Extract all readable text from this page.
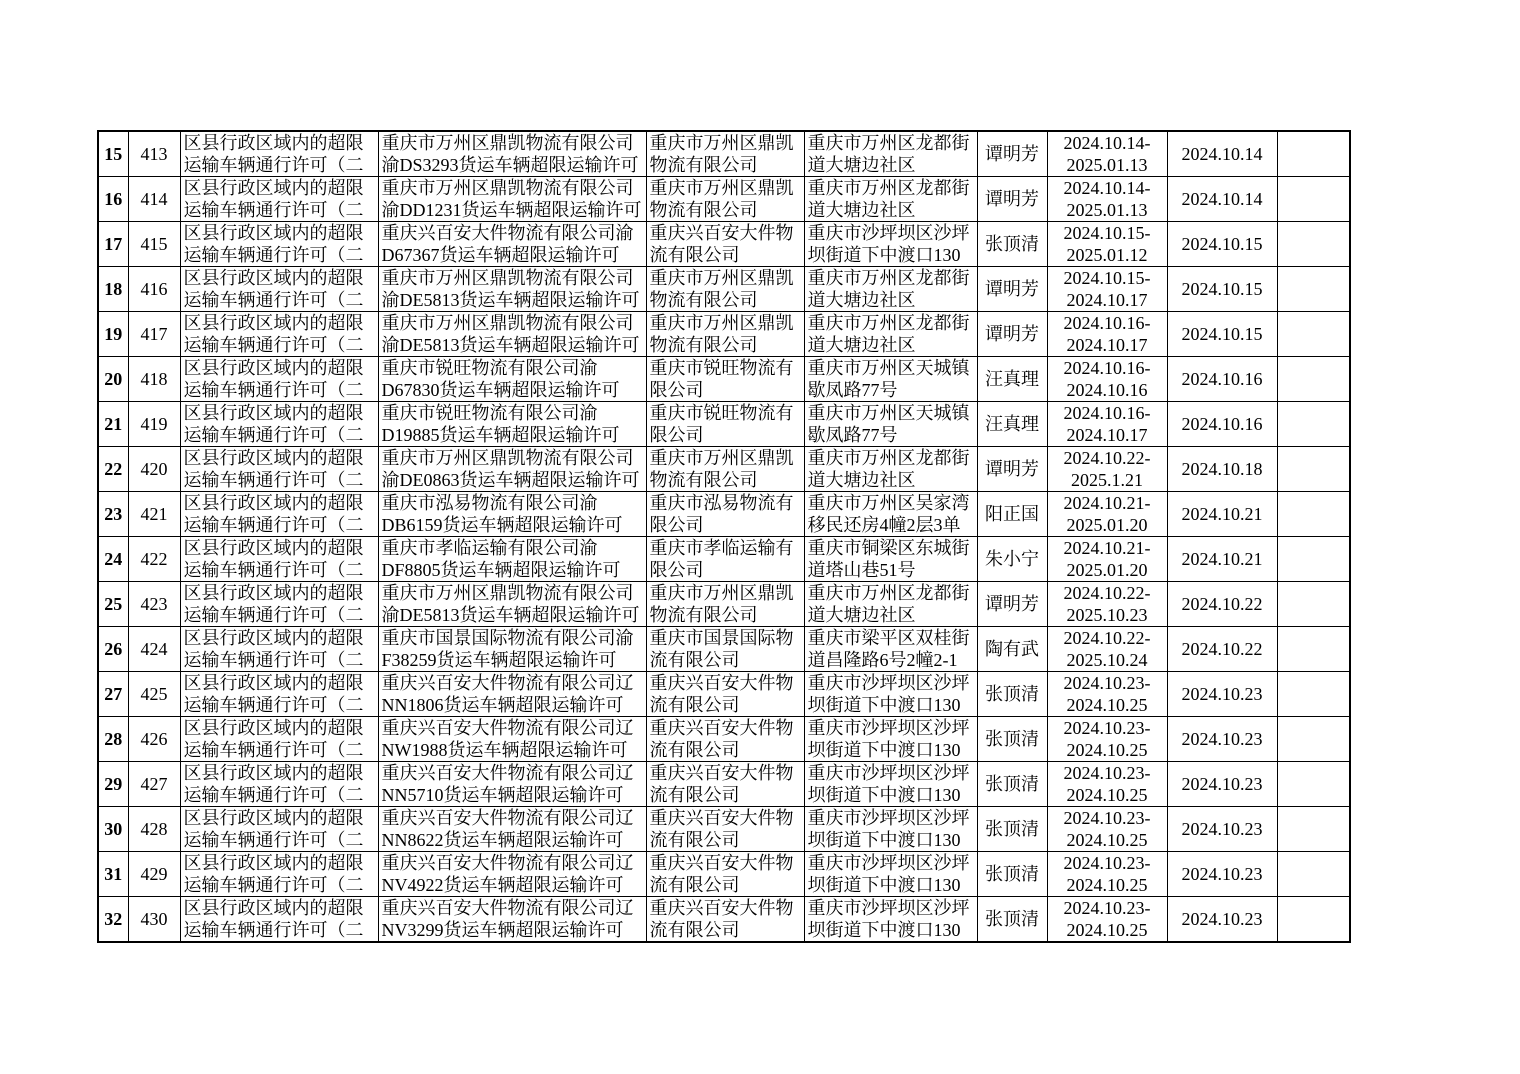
15	413	区县行政区域内的超限
运输车辆通行许可（二	重庆市万州区鼎凯物流有限公司
渝DS3293货运车辆超限运输许可	重庆市万州区鼎凯
物流有限公司	重庆市万州区龙都街
道大塘边社区	谭明芳	2024.10.14-
2025.01.13	2024.10.14	
16	414	区县行政区域内的超限
运输车辆通行许可（二	重庆市万州区鼎凯物流有限公司
渝DD1231货运车辆超限运输许可	重庆市万州区鼎凯
物流有限公司	重庆市万州区龙都街
道大塘边社区	谭明芳	2024.10.14-
2025.01.13	2024.10.14	
17	415	区县行政区域内的超限
运输车辆通行许可（二	重庆兴百安大件物流有限公司渝
D67367货运车辆超限运输许可	重庆兴百安大件物
流有限公司	重庆市沙坪坝区沙坪
坝街道下中渡口130	张顶清	2024.10.15-
2025.01.12	2024.10.15	
18	416	区县行政区域内的超限
运输车辆通行许可（二	重庆市万州区鼎凯物流有限公司
渝DE5813货运车辆超限运输许可	重庆市万州区鼎凯
物流有限公司	重庆市万州区龙都街
道大塘边社区	谭明芳	2024.10.15-
2024.10.17	2024.10.15	
19	417	区县行政区域内的超限
运输车辆通行许可（二	重庆市万州区鼎凯物流有限公司
渝DE5813货运车辆超限运输许可	重庆市万州区鼎凯
物流有限公司	重庆市万州区龙都街
道大塘边社区	谭明芳	2024.10.16-
2024.10.17	2024.10.15	
20	418	区县行政区域内的超限
运输车辆通行许可（二	重庆市锐旺物流有限公司渝
D67830货运车辆超限运输许可	重庆市锐旺物流有
限公司	重庆市万州区天城镇
歇凤路77号	汪真理	2024.10.16-
2024.10.16	2024.10.16	
21	419	区县行政区域内的超限
运输车辆通行许可（二	重庆市锐旺物流有限公司渝
D19885货运车辆超限运输许可	重庆市锐旺物流有
限公司	重庆市万州区天城镇
歇凤路77号	汪真理	2024.10.16-
2024.10.17	2024.10.16	
22	420	区县行政区域内的超限
运输车辆通行许可（二	重庆市万州区鼎凯物流有限公司
渝DE0863货运车辆超限运输许可	重庆市万州区鼎凯
物流有限公司	重庆市万州区龙都街
道大塘边社区	谭明芳	2024.10.22-
2025.1.21	2024.10.18	
23	421	区县行政区域内的超限
运输车辆通行许可（二	重庆市泓易物流有限公司渝
DB6159货运车辆超限运输许可	重庆市泓易物流有
限公司	重庆市万州区吴家湾
移民还房4幢2层3单	阳正国	2024.10.21-
2025.01.20	2024.10.21	
24	422	区县行政区域内的超限
运输车辆通行许可（二	重庆市孝临运输有限公司渝
DF8805货运车辆超限运输许可	重庆市孝临运输有
限公司	重庆市铜梁区东城街
道塔山巷51号	朱小宁	2024.10.21-
2025.01.20	2024.10.21	
25	423	区县行政区域内的超限
运输车辆通行许可（二	重庆市万州区鼎凯物流有限公司
渝DE5813货运车辆超限运输许可	重庆市万州区鼎凯
物流有限公司	重庆市万州区龙都街
道大塘边社区	谭明芳	2024.10.22-
2025.10.23	2024.10.22	
26	424	区县行政区域内的超限
运输车辆通行许可（二	重庆市国景国际物流有限公司渝
F38259货运车辆超限运输许可	重庆市国景国际物
流有限公司	重庆市梁平区双桂街
道昌隆路6号2幢2-1	陶有武	2024.10.22-
2025.10.24	2024.10.22	
27	425	区县行政区域内的超限
运输车辆通行许可（二	重庆兴百安大件物流有限公司辽
NN1806货运车辆超限运输许可	重庆兴百安大件物
流有限公司	重庆市沙坪坝区沙坪
坝街道下中渡口130	张顶清	2024.10.23-
2024.10.25	2024.10.23	
28	426	区县行政区域内的超限
运输车辆通行许可（二	重庆兴百安大件物流有限公司辽
NW1988货运车辆超限运输许可	重庆兴百安大件物
流有限公司	重庆市沙坪坝区沙坪
坝街道下中渡口130	张顶清	2024.10.23-
2024.10.25	2024.10.23	
29	427	区县行政区域内的超限
运输车辆通行许可（二	重庆兴百安大件物流有限公司辽
NN5710货运车辆超限运输许可	重庆兴百安大件物
流有限公司	重庆市沙坪坝区沙坪
坝街道下中渡口130	张顶清	2024.10.23-
2024.10.25	2024.10.23	
30	428	区县行政区域内的超限
运输车辆通行许可（二	重庆兴百安大件物流有限公司辽
NN8622货运车辆超限运输许可	重庆兴百安大件物
流有限公司	重庆市沙坪坝区沙坪
坝街道下中渡口130	张顶清	2024.10.23-
2024.10.25	2024.10.23	
31	429	区县行政区域内的超限
运输车辆通行许可（二	重庆兴百安大件物流有限公司辽
NV4922货运车辆超限运输许可	重庆兴百安大件物
流有限公司	重庆市沙坪坝区沙坪
坝街道下中渡口130	张顶清	2024.10.23-
2024.10.25	2024.10.23	
32	430	区县行政区域内的超限
运输车辆通行许可（二	重庆兴百安大件物流有限公司辽
NV3299货运车辆超限运输许可	重庆兴百安大件物
流有限公司	重庆市沙坪坝区沙坪
坝街道下中渡口130	张顶清	2024.10.23-
2024.10.25	2024.10.23	
